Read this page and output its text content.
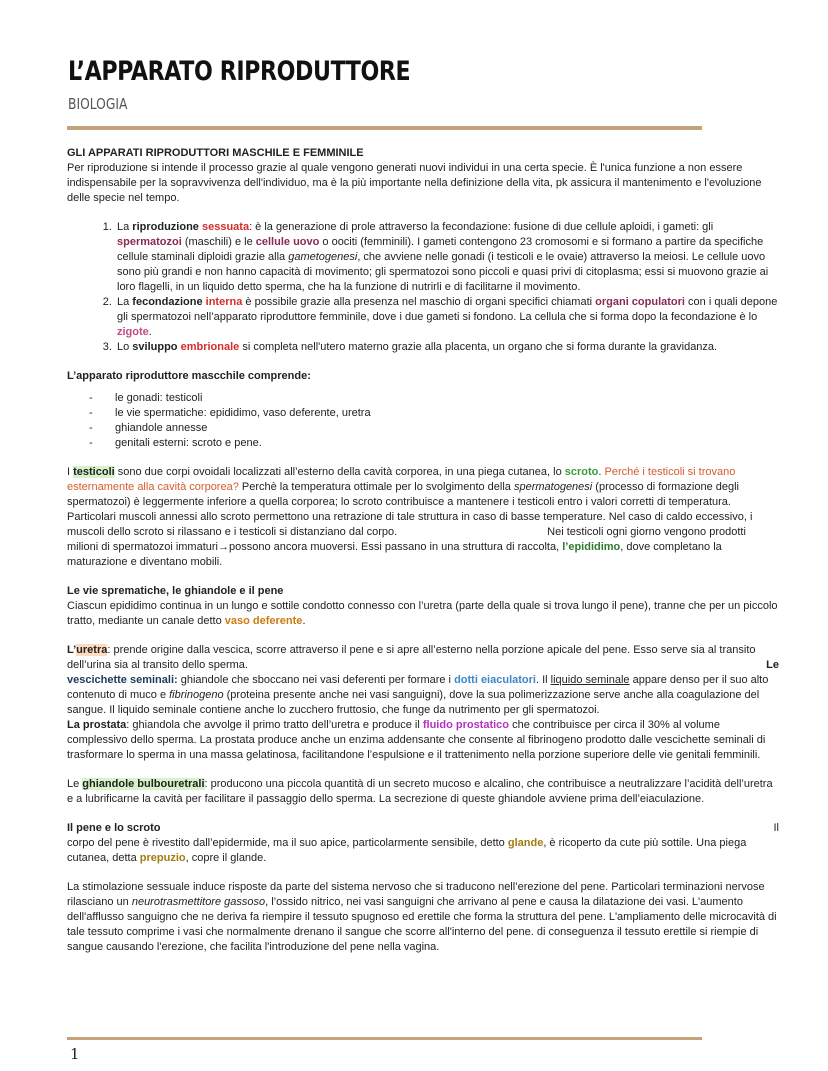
L’APPARATO RIPRODUTTORE
BIOLOGIA

GLI APPARATI RIPRODUTTORI MASCHILE E FEMMINILE

Per riproduzione si intende il processo grazie al quale vengono generati nuovi individui in una certa specie. È l'unica funzione a non essere indispensabile per la sopravvivenza dell'individuo, ma è la più importante nella definizione della vita, pk assicura il mantenimento e l'evoluzione delle specie nel tempo.

1. La riproduzione sessuata: è la generazione di prole attraverso la fecondazione: fusione di due cellule aploidi, i gameti: gli spermatozoi (maschili) e le cellule uovo o oociti (femminili). I gameti contengono 23 cromosomi e si formano a partire da specifiche cellule staminali diploidi grazie alla gametogenesi, che avviene nelle gonadi (i testicoli e le ovaie) attraverso la meiosi. Le cellule uovo sono più grandi e non hanno capacità di movimento; gli spermatozoi sono piccoli e quasi privi di citoplasma; essi si muovono grazie ai loro flagelli, in un liquido detto sperma, che ha la funzione di nutrirli e di facilitarne il movimento.
2. La fecondazione interna è possibile grazie alla presenza nel maschio di organi specifici chiamati organi copulatori con i quali depone gli spermatozoi nell’apparato riproduttore femminile, dove i due gameti si fondono. La cellula che si forma dopo la fecondazione è lo zigote.
3. Lo sviluppo embrionale si completa nell'utero materno grazie alla placenta, un organo che si forma durante la gravidanza.

L’apparato riproduttore mascchile comprende:

- le gonadi: testicoli
- le vie spermatiche: epididimo, vaso deferente, uretra
- ghiandole annesse
- genitali esterni: scroto e pene.

I testicoli sono due corpi ovoidali localizzati all’esterno della cavità corporea, in una piega cutanea, lo scroto. Perché i testicoli si trovano esternamente alla cavità corporea? Perchè la temperatura ottimale per lo svolgimento della spermatogenesi (processo di formazione degli spermatozoi) è leggermente inferiore a quella corporea; lo scroto contribuisce a mantenere i testicoli entro i valori corretti di temperatura. Particolari muscoli annessi allo scroto permettono una retrazione di tale struttura in caso di basse temperature. Nel caso di caldo eccessivo, i muscoli dello scroto si rilassano e i testicoli si distanziano dal corpo.	Nei testicoli ogni giorno vengono prodotti milioni di spermatozoi immaturi→possono ancora muoversi. Essi passano in una struttura di raccolta, l’epididimo, dove completano la maturazione e diventano mobili.

Le vie sprematiche, le ghiandole e il pene

Ciascun epididimo continua in un lungo e sottile condotto connesso con l’uretra (parte della quale si trova lungo il pene), tranne che per un piccolo tratto, mediante un canale detto vaso deferente.

L’uretra: prende origine dalla vescica, scorre attraverso il pene e si apre all’esterno nella porzione apicale del pene. Esso serve sia al transito dell’urina sia al transito dello sperma.	Le

vescichette seminali: ghiandole che sboccano nei vasi deferenti per formare i dotti eiaculatori. Il liquido seminale appare denso per il suo alto contenuto di muco e fibrinogeno (proteina presente anche nei vasi sanguigni), dove la sua polimerizzazione serve anche alla coagulazione del sangue. Il liquido seminale contiene anche lo zucchero fruttosio, che funge da nutrimento per gli spermatozoi.
La prostata: ghiandola che avvolge il primo tratto dell’uretra e produce il fluido prostatico che contribuisce per circa il 30% al volume complessivo dello sperma. La prostata produce anche un enzima addensante che consente al fibrinogeno prodotto dalle vescichette seminali di trasformare lo sperma in una massa gelatinosa, facilitandone l’espulsione e il trattenimento nella porzione superiore delle vie genitali femminili.

Le ghiandole bulbouretrali: producono una piccola quantità di un secreto mucoso e alcalino, che contribuisce a neutralizzare l’acidità dell’uretra e a lubrificarne la cavità per facilitare il passaggio dello sperma. La secrezione di queste ghiandole avviene prima dell’eiaculazione.

Il pene e lo scroto	Il

corpo del pene è rivestito dall’epidermide, ma il suo apice, particolarmente sensibile, detto glande, è ricoperto da cute più sottile. Una piega cutanea, detta prepuzio, copre il glande.

La stimolazione sessuale induce risposte da parte del sistema nervoso che si traducono nell’erezione del pene. Particolari terminazioni nervose rilasciano un neurotrasmettitore gassoso, l’ossido nitrico, nei vasi sanguigni che arrivano al pene e causa la dilatazione dei vasi. L'aumento dell'afflusso sanguigno che ne deriva fa riempire il tessuto spugnoso ed erettile che forma la struttura del pene. L'ampliamento delle microcavità di tale tessuto comprime i vasi che normalmente drenano il sangue che scorre all'interno del pene. di conseguenza il tessuto erettile si riempie di sangue causando l'erezione, che facilita l'introduzione del pene nella vagina.

1
